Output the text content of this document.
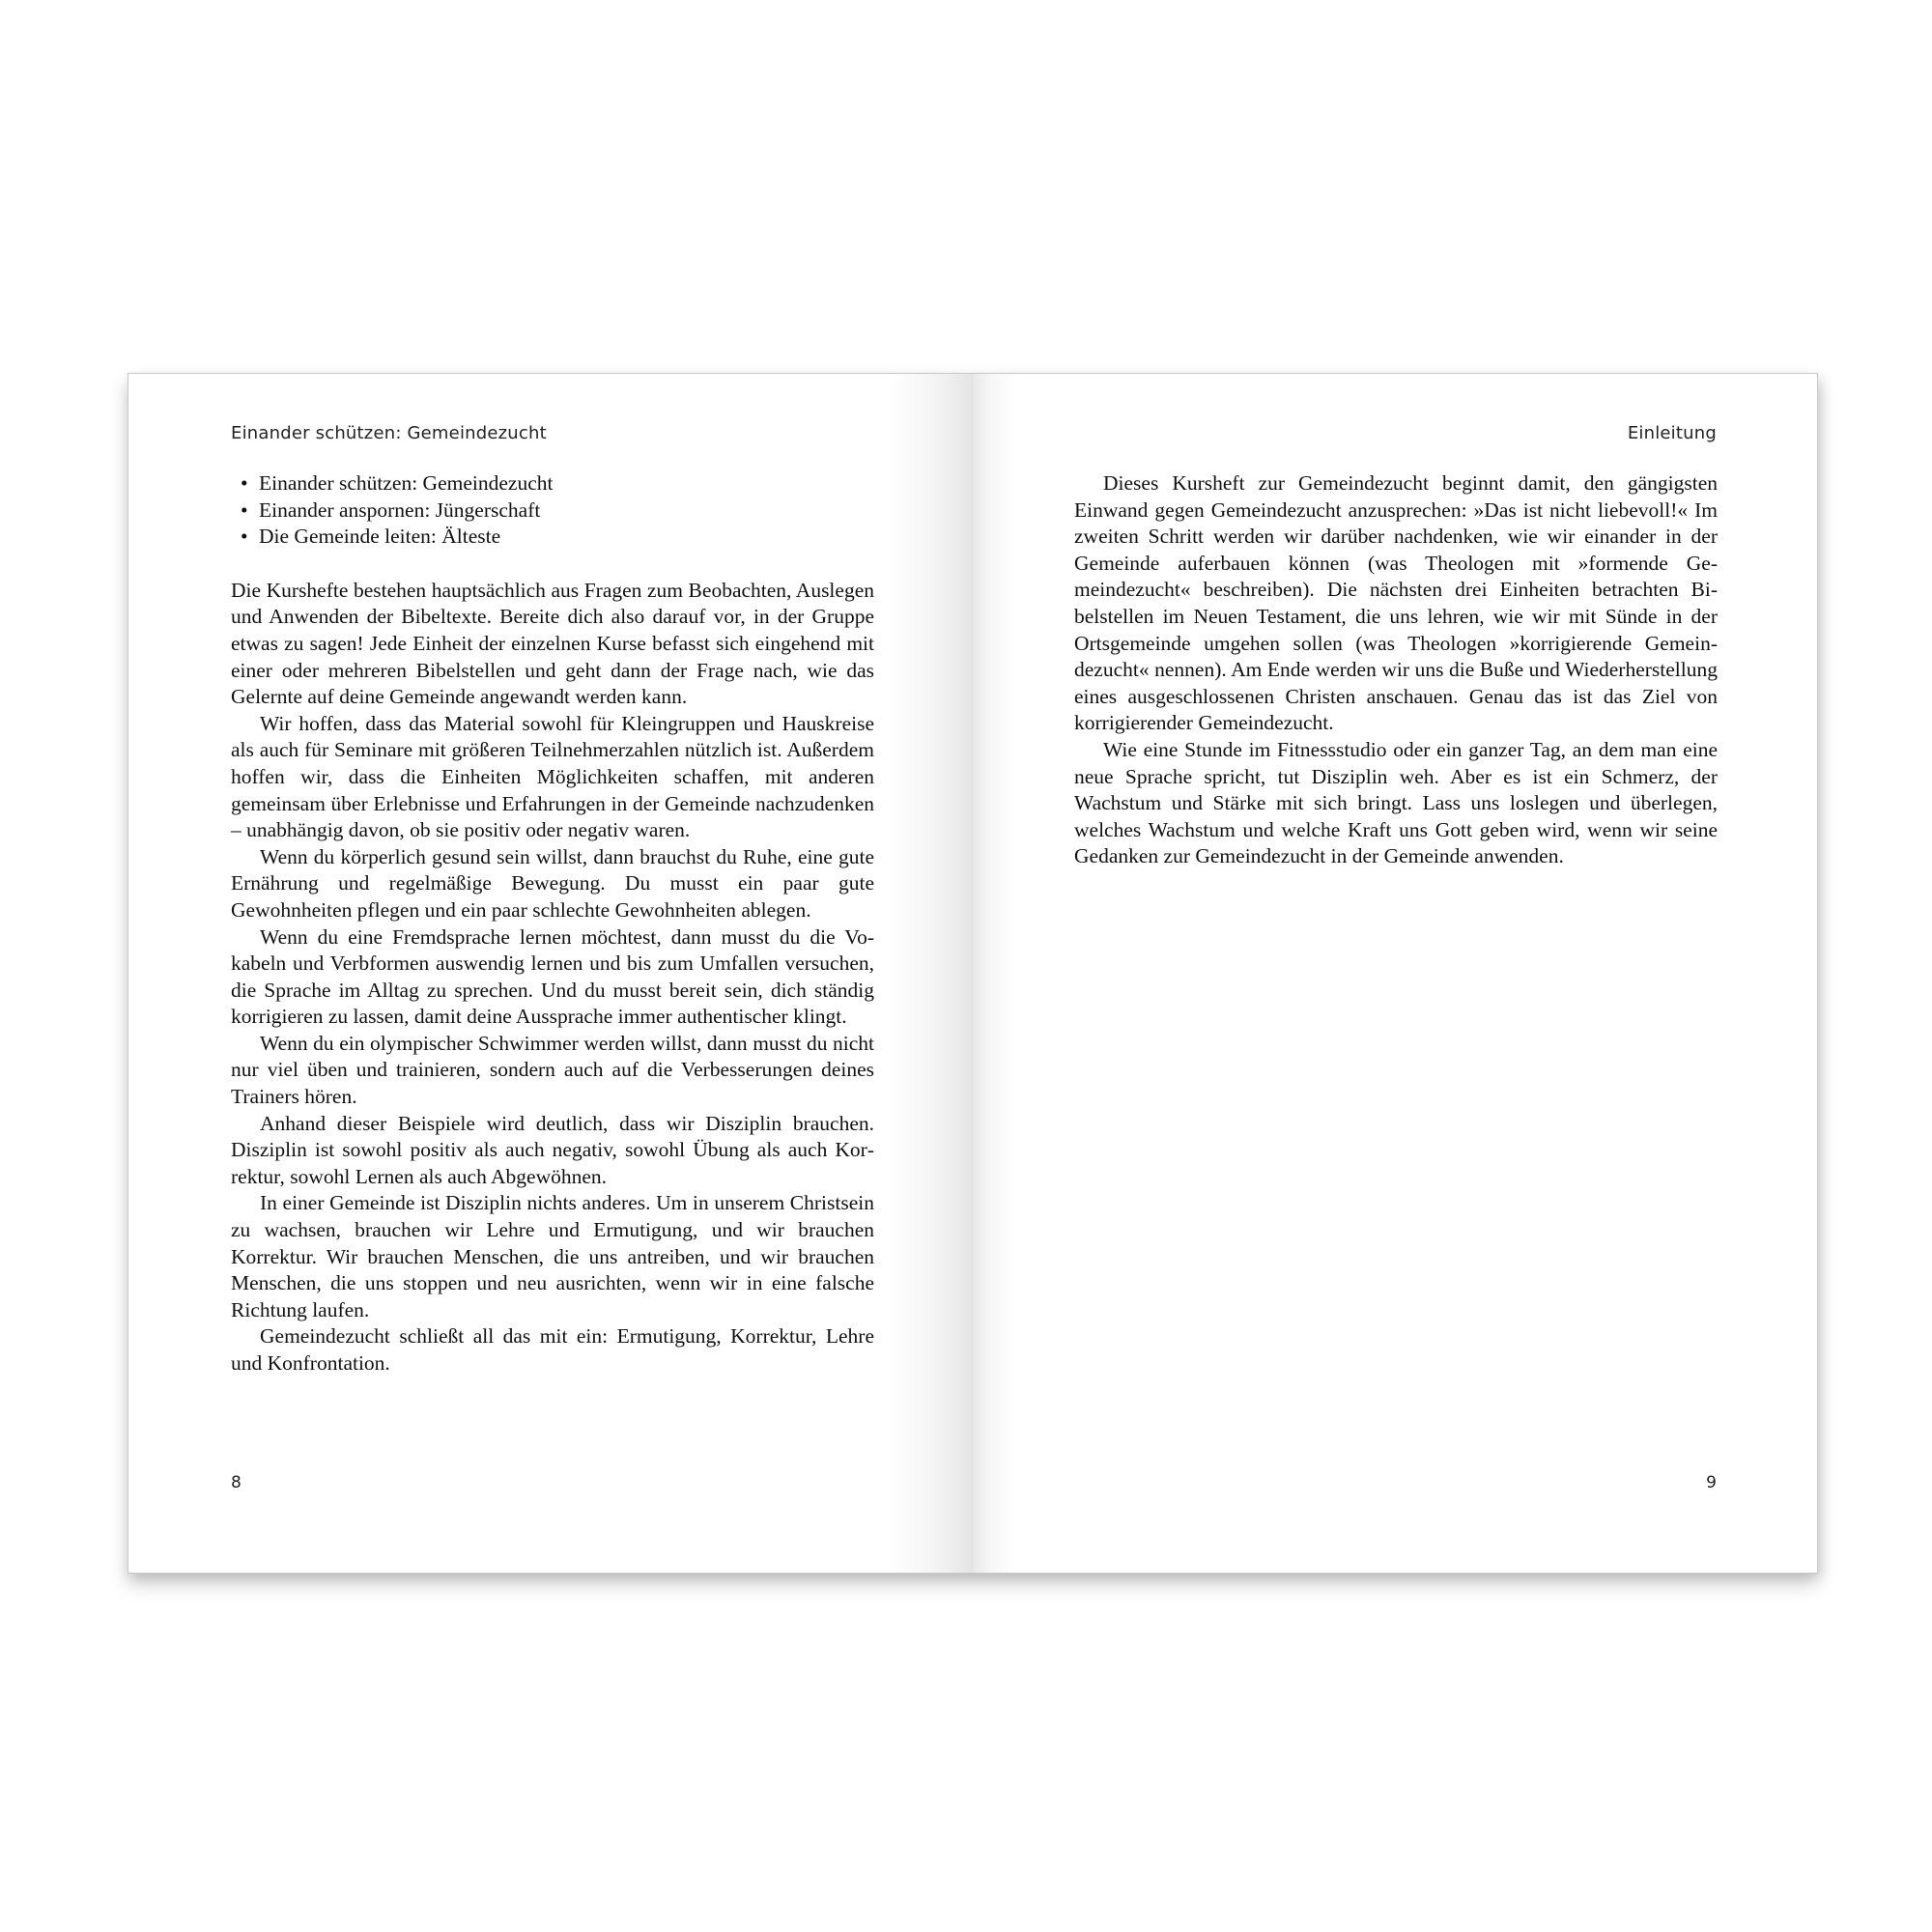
Einander schützen: Gemeindezucht
• Einander schützen: Gemeindezucht
• Einander anspornen: Jüngerschaft
• Die Gemeinde leiten: Älteste

Die Kurshefte bestehen hauptsächlich aus Fragen zum Beobachten, Auslegen und Anwenden der Bibeltexte. Bereite dich also darauf vor, in der Gruppe etwas zu sagen! Jede Einheit der einzelnen Kurse befasst sich eingehend mit einer oder mehreren Bibelstellen und geht dann der Frage nach, wie das Gelernte auf deine Gemeinde angewandt werden kann.

Wir hoffen, dass das Material sowohl für Kleingruppen und Hauskreise als auch für Seminare mit größeren Teilnehmerzahlen nützlich ist. Außerdem hoffen wir, dass die Einheiten Möglichkeiten schaffen, mit anderen gemeinsam über Erlebnisse und Erfahrungen in der Gemeinde nachzudenken – unabhängig davon, ob sie positiv oder negativ waren.

Wenn du körperlich gesund sein willst, dann brauchst du Ruhe, eine gute Ernährung und regelmäßige Bewegung. Du musst ein paar gute Gewohnheiten pflegen und ein paar schlechte Gewohnheiten ablegen.

Wenn du eine Fremdsprache lernen möchtest, dann musst du die Vokabeln und Verbformen auswendig lernen und bis zum Umfallen versuchen, die Sprache im Alltag zu sprechen. Und du musst bereit sein, dich ständig korrigieren zu lassen, damit deine Aussprache immer authentischer klingt.

Wenn du ein olympischer Schwimmer werden willst, dann musst du nicht nur viel üben und trainieren, sondern auch auf die Verbesserungen deines Trainers hören.

Anhand dieser Beispiele wird deutlich, dass wir Disziplin brauchen. Disziplin ist sowohl positiv als auch negativ, sowohl Übung als auch Korrektur, sowohl Lernen als auch Abgewöhnen.

In einer Gemeinde ist Disziplin nichts anderes. Um in unserem Christsein zu wachsen, brauchen wir Lehre und Ermutigung, und wir brauchen Korrektur. Wir brauchen Menschen, die uns antreiben, und wir brauchen Menschen, die uns stoppen und neu ausrichten, wenn wir in eine falsche Richtung laufen.

Gemeindezucht schließt all das mit ein: Ermutigung, Korrektur, Lehre und Konfrontation.

8
Einleitung

Dieses Kursheft zur Gemeindezucht beginnt damit, den gängigsten Einwand gegen Gemeindezucht anzusprechen: »Das ist nicht liebevoll!« Im zweiten Schritt werden wir darüber nachdenken, wie wir einander in der Gemeinde auferbauen können (was Theologen mit »formende Gemeindezucht« beschreiben). Die nächsten drei Einheiten betrachten Bibelstellen im Neuen Testament, die uns lehren, wie wir mit Sünde in der Ortsgemeinde umgehen sollen (was Theologen »korrigierende Gemeindezucht« nennen). Am Ende werden wir uns die Buße und Wiederherstellung eines ausgeschlossenen Christen anschauen. Genau das ist das Ziel von korrigierender Gemeindezucht.

Wie eine Stunde im Fitnessstudio oder ein ganzer Tag, an dem man eine neue Sprache spricht, tut Disziplin weh. Aber es ist ein Schmerz, der Wachstum und Stärke mit sich bringt. Lass uns loslegen und überlegen, welches Wachstum und welche Kraft uns Gott geben wird, wenn wir seine Gedanken zur Gemeindezucht in der Gemeinde anwenden.

9
